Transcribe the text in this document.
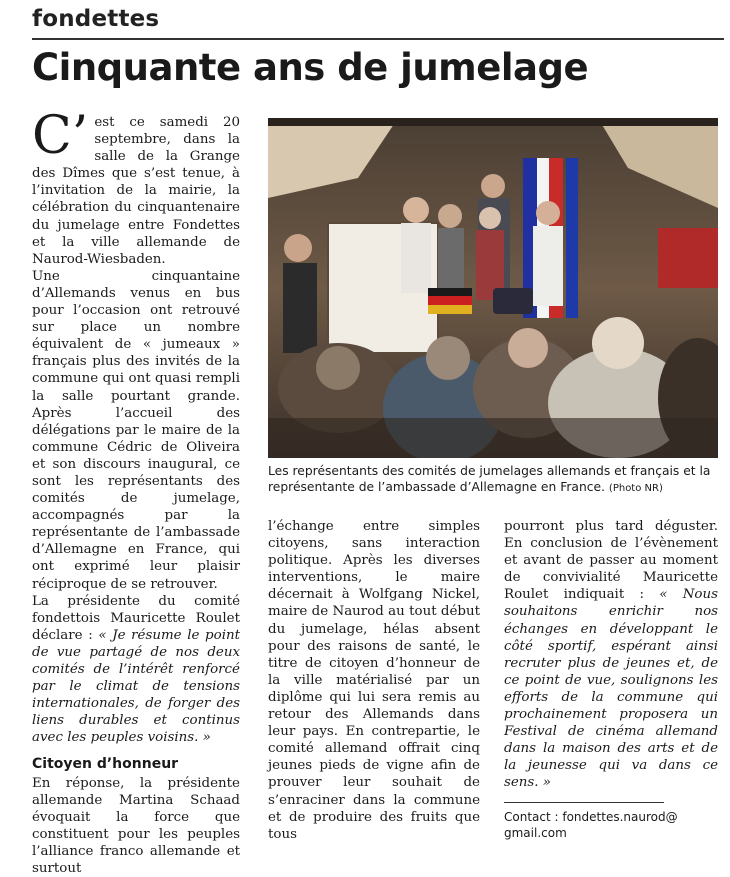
fondettes
Cinquante ans de jumelage

C’ est ce samedi 20 septembre, dans la salle de la Grange des Dîmes que s’est tenue, à l’invitation de la mairie, la célébration du cinquantenaire du jumelage entre Fondettes et la ville allemande de Naurod-Wiesbaden.

Une cinquantaine d’Allemands venus en bus pour l’occasion ont retrouvé sur place un nombre équivalent de « jumeaux » français plus des invités de la commune qui ont quasi rempli la salle pourtant grande. Après l’accueil des délégations par le maire de la commune Cédric de Oliveira et son discours inaugural, ce sont les représentants des comités de jumelage, accompagnés par la représentante de l’ambassade d’Allemagne en France, qui ont exprimé leur plaisir réciproque de se retrouver.

La présidente du comité fondettois Mauricette Roulet déclare : « Je résume le point de vue partagé de nos deux comités de l’intérêt renforcé par le climat de tensions internationales, de forger des liens durables et continus avec les peuples voisins. »

Citoyen d’honneur

En réponse, la présidente allemande Martina Schaad évoquait la force que constituent pour les peuples l’alliance franco allemande et surtout

Les représentants des comités de jumelages allemands et français et la représentante de l’ambassade d’Allemagne en France. (Photo NR)

l’échange entre simples citoyens, sans interaction politique. Après les diverses interventions, le maire décernait à Wolfgang Nickel, maire de Naurod au tout début du jumelage, hélas absent pour des raisons de santé, le titre de citoyen d’honneur de la ville matérialisé par un diplôme qui lui sera remis au retour des Allemands dans leur pays. En contrepartie, le comité allemand offrait cinq jeunes pieds de vigne afin de prouver leur souhait de s’enraciner dans la commune et de produire des fruits que tous

pourront plus tard déguster. En conclusion de l’évènement et avant de passer au moment de convivialité Mauricette Roulet indiquait : « Nous souhaitons enrichir nos échanges en développant le côté sportif, espérant ainsi recruter plus de jeunes et, de ce point de vue, soulignons les efforts de la commune qui prochainement proposera un Festival de cinéma allemand dans la maison des arts et de la jeunesse qui va dans ce sens. »

Contact : fondettes.naurod@ gmail.com
